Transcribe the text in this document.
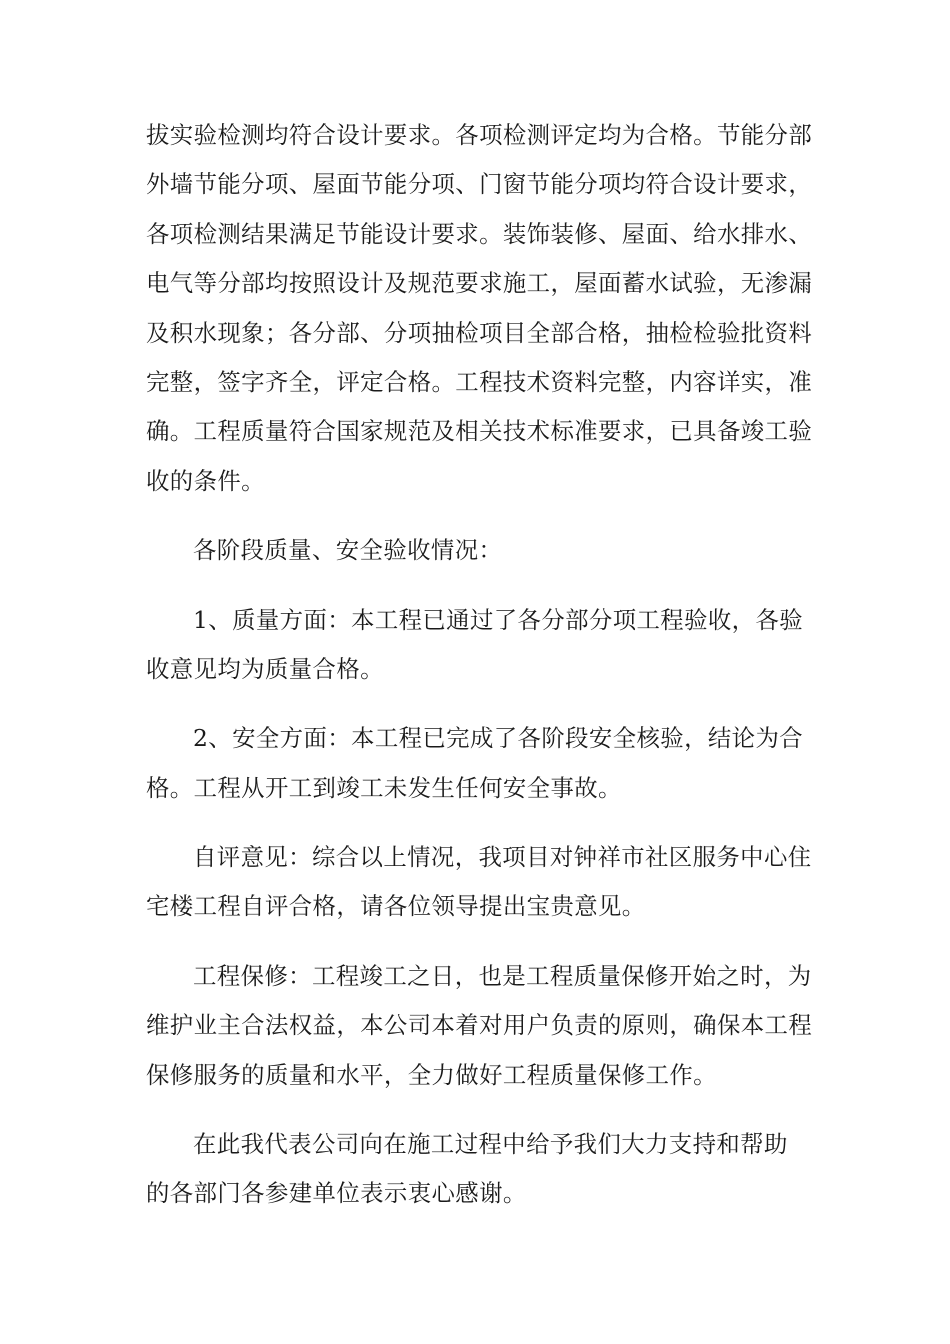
拔实验检测均符合设计要求。各项检测评定均为合格。节能分部
外墙节能分项、屋面节能分项、门窗节能分项均符合设计要求，
各项检测结果满足节能设计要求。装饰装修、屋面、给水排水、
电气等分部均按照设计及规范要求施工，屋面蓄水试验，无渗漏
及积水现象；各分部、分项抽检项目全部合格，抽检检验批资料
完整，签字齐全，评定合格。工程技术资料完整，内容详实，准
确。工程质量符合国家规范及相关技术标准要求，已具备竣工验
收的条件。
各阶段质量、安全验收情况：
1、质量方面：本工程已通过了各分部分项工程验收，各验
收意见均为质量合格。
2、安全方面：本工程已完成了各阶段安全核验，结论为合
格。工程从开工到竣工未发生任何安全事故。
自评意见：综合以上情况，我项目对钟祥市社区服务中心住
宅楼工程自评合格，请各位领导提出宝贵意见。
工程保修：工程竣工之日，也是工程质量保修开始之时，为
维护业主合法权益，本公司本着对用户负责的原则，确保本工程
保修服务的质量和水平，全力做好工程质量保修工作。
在此我代表公司向在施工过程中给予我们大力支持和帮助
的各部门各参建单位表示衷心感谢。
